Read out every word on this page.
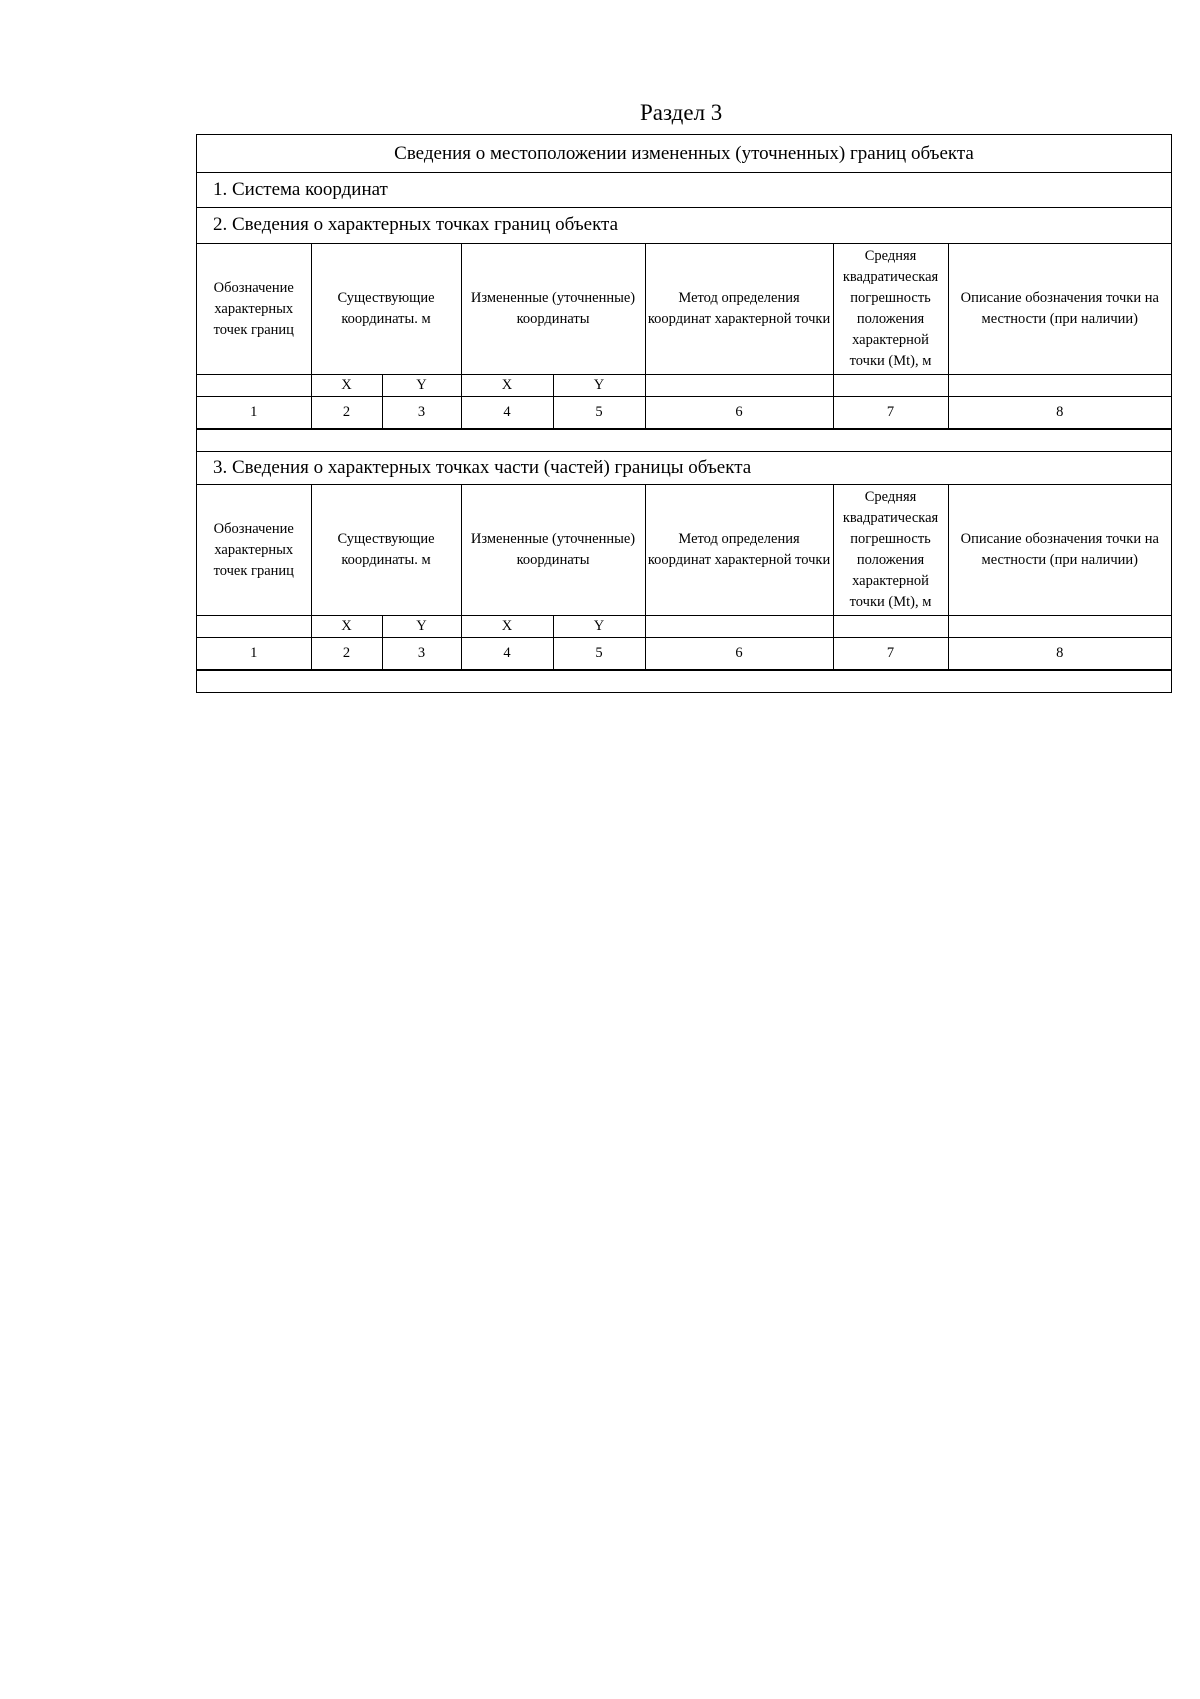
Раздел 3
Сведения о местоположении измененных (уточненных) границ объекта
1. Система координат
2. Сведения о характерных точках границ объекта
Обозначение характерных точек границ	Существующие координаты. м		Измененные (уточненные) координаты		Метод определения координат характерной точки	Средняя квадратическая погрешность положения характерной точки (Mt), м	Описание обозначения точки на местности (при наличии)
	X	Y	X	Y			
1	2	3	4	5	6	7	8
3. Сведения о характерных точках части (частей) границы объекта
Обозначение характерных точек границ	Существующие координаты. м		Измененные (уточненные) координаты		Метод определения координат характерной точки	Средняя квадратическая погрешность положения характерной точки (Mt), м	Описание обозначения точки на местности (при наличии)
	X	Y	X	Y			
1	2	3	4	5	6	7	8
